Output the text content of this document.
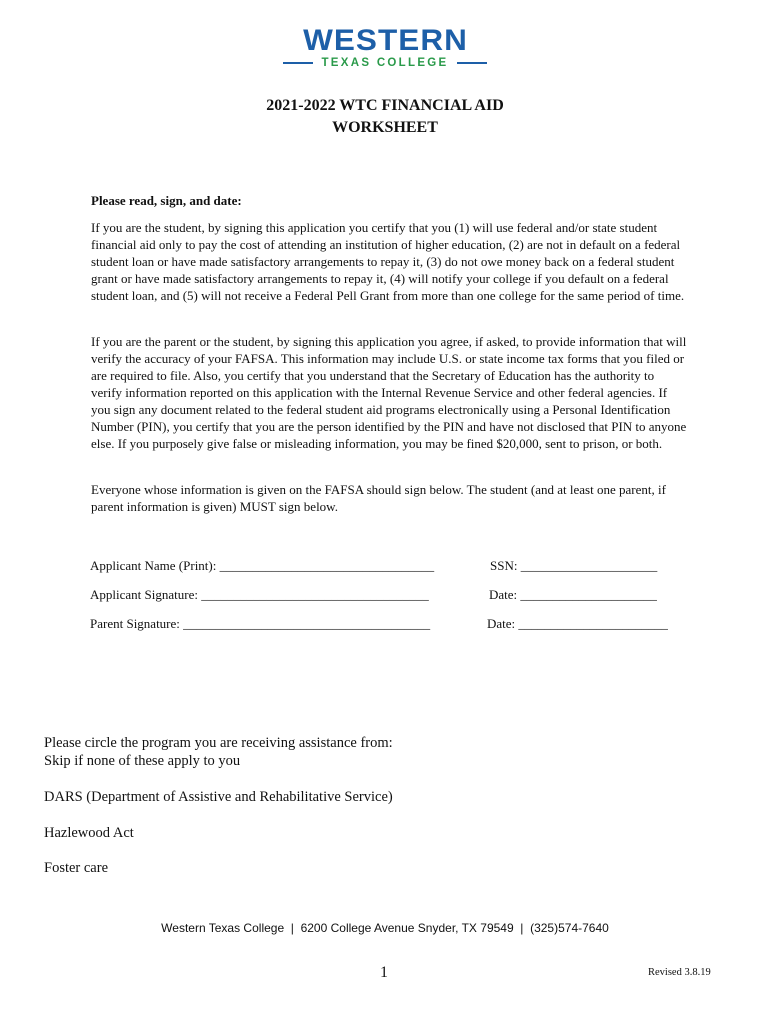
WESTERN
TEXAS COLLEGE
2021-2022 WTC FINANCIAL AID
WORKSHEET
Please read, sign, and date:
If you are the student, by signing this application you certify that you (1) will use federal and/or state student financial aid only to pay the cost of attending an institution of higher education, (2) are not in default on a federal student loan or have made satisfactory arrangements to repay it, (3) do not owe money back on a federal student grant or have made satisfactory arrangements to repay it, (4) will notify your college if you default on a federal student loan, and (5) will not receive a Federal Pell Grant from more than one college for the same period of time.
If you are the parent or the student, by signing this application you agree, if asked, to provide information that will verify the accuracy of your FAFSA. This information may include U.S. or state income tax forms that you filed or are required to file. Also, you certify that you understand that the Secretary of Education has the authority to verify information reported on this application with the Internal Revenue Service and other federal agencies. If you sign any document related to the federal student aid programs electronically using a Personal Identification Number (PIN), you certify that you are the person identified by the PIN and have not disclosed that PIN to anyone else. If you purposely give false or misleading information, you may be fined $20,000, sent to prison, or both.
Everyone whose information is given on the FAFSA should sign below. The student (and at least one parent, if parent information is given) MUST sign below.
Applicant Name (Print): _________________________________	SSN: _____________________
Applicant Signature: ___________________________________	Date: _____________________
Parent Signature: ______________________________________	Date: _______________________
Please circle the program you are receiving assistance from:
Skip if none of these apply to you
DARS (Department of Assistive and Rehabilitative Service)
Hazlewood Act
Foster care
Western Texas College  |  6200 College Avenue Snyder, TX 79549  |  (325)574-7640
1	Revised 3.8.19
